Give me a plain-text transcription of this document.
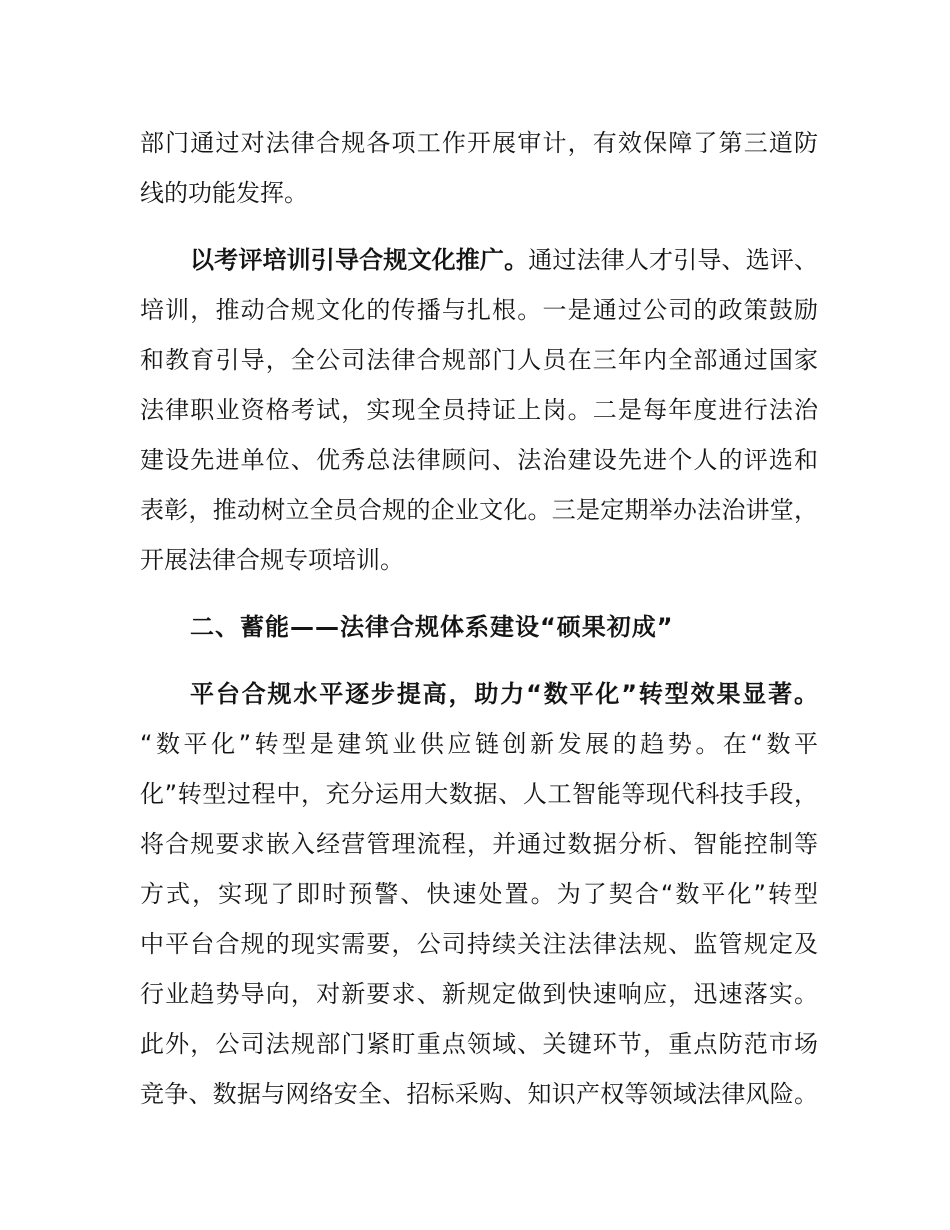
部门通过对法律合规各项工作开展审计，有效保障了第三道防
线的功能发挥。

以考评培训引导合规文化推广。通过法律人才引导、选评、
培训，推动合规文化的传播与扎根。一是通过公司的政策鼓励
和教育引导，全公司法律合规部门人员在三年内全部通过国家
法律职业资格考试，实现全员持证上岗。二是每年度进行法治
建设先进单位、优秀总法律顾问、法治建设先进个人的评选和
表彰，推动树立全员合规的企业文化。三是定期举办法治讲堂，
开展法律合规专项培训。

二、蓄能——法律合规体系建设“硕果初成”

平台合规水平逐步提高，助力“数平化”转型效果显著。
“数平化”转型是建筑业供应链创新发展的趋势。在“数平
化”转型过程中，充分运用大数据、人工智能等现代科技手段，
将合规要求嵌入经营管理流程，并通过数据分析、智能控制等
方式，实现了即时预警、快速处置。为了契合“数平化”转型
中平台合规的现实需要，公司持续关注法律法规、监管规定及
行业趋势导向，对新要求、新规定做到快速响应，迅速落实。
此外，公司法规部门紧盯重点领域、关键环节，重点防范市场
竞争、数据与网络安全、招标采购、知识产权等领域法律风险。
